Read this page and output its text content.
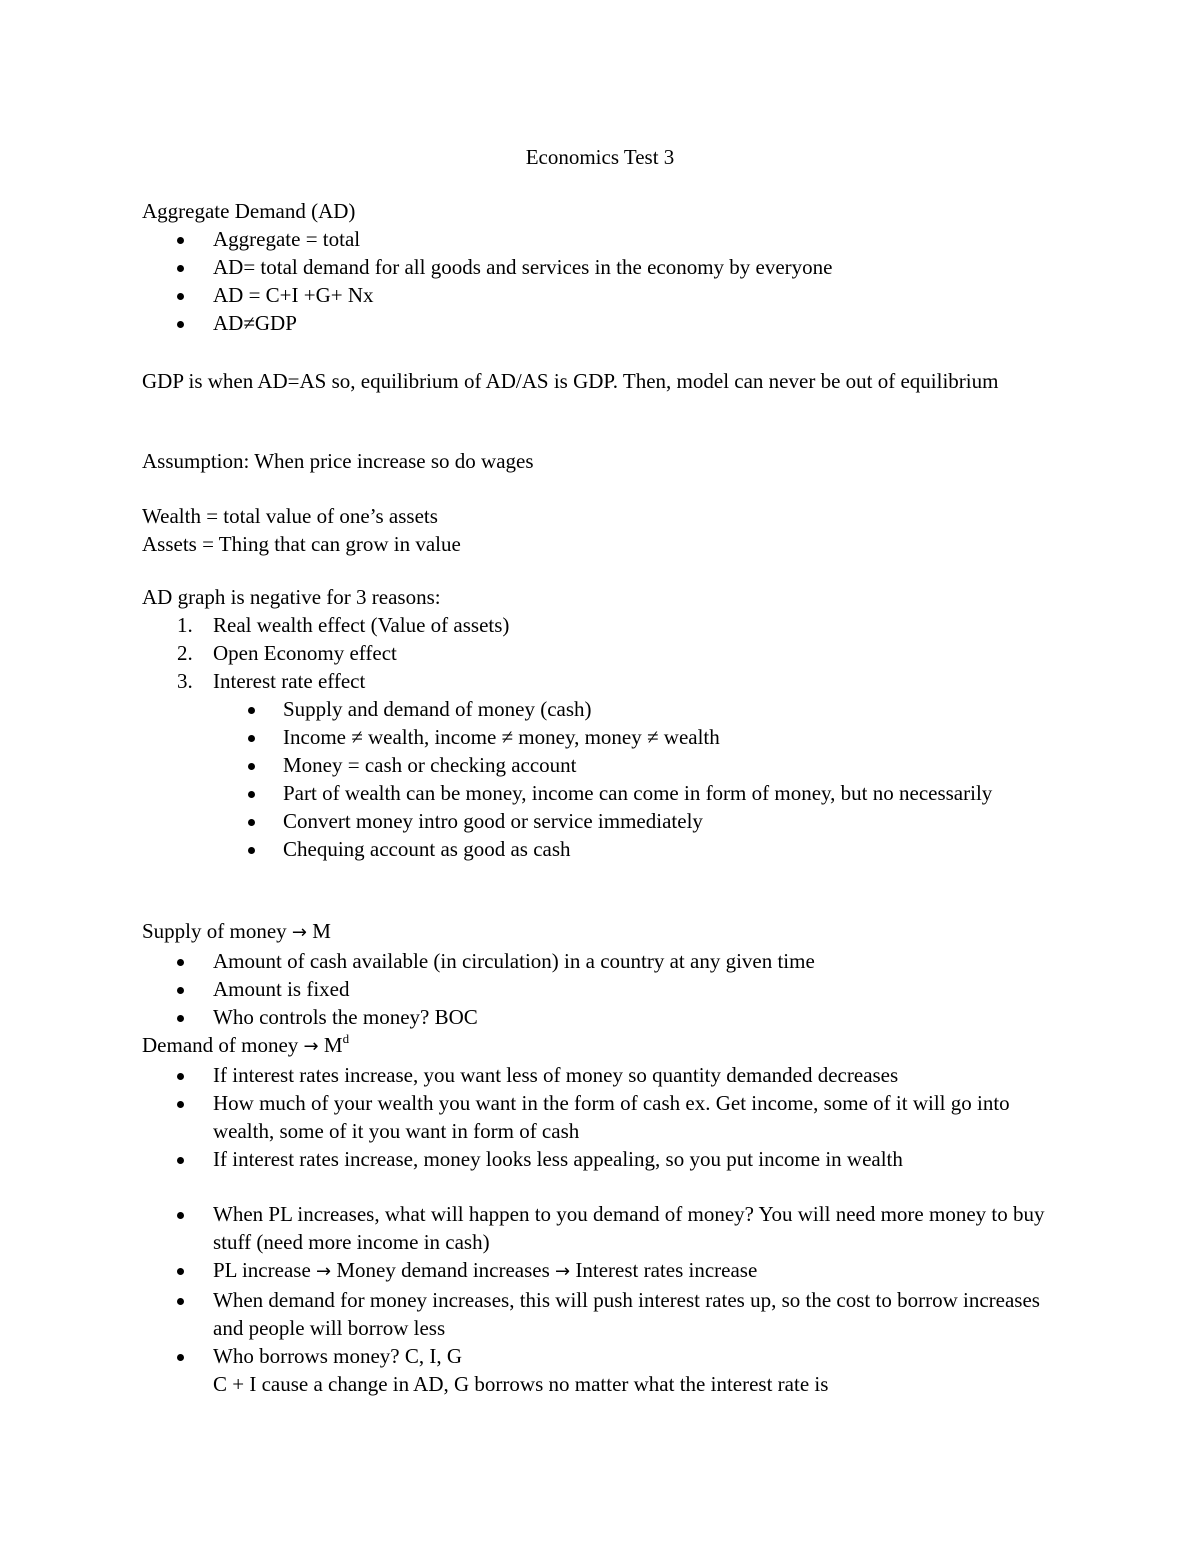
Economics Test 3

Aggregate Demand (AD)

Aggregate = total
AD= total demand for all goods and services in the economy by everyone
AD = C+I +G+ Nx
AD≠GDP
GDP is when AD=AS so, equilibrium of AD/AS is GDP. Then, model can never be out of equilibrium
Assumption: When price increase so do wages
Wealth = total value of one’s assets
Assets = Thing that can grow in value

AD graph is negative for 3 reasons:

1. Real wealth effect (Value of assets)
2. Open Economy effect
3. Interest rate effect
Supply and demand of money (cash)
Income ≠ wealth, income ≠ money, money ≠ wealth
Money = cash or checking account
Part of wealth can be money, income can come in form of money, but no necessarily
Convert money intro good or service immediately
Chequing account as good as cash

Supply of money → M

Amount of cash available (in circulation) in a country at any given time
Amount is fixed
Who controls the money? BOC

Demand of money → $M^d$

If interest rates increase, you want less of money so quantity demanded decreases
How much of your wealth you want in the form of cash ex. Get income, some of it will go into wealth, some of it you want in form of cash
If interest rates increase, money looks less appealing, so you put income in wealth
When PL increases, what will happen to you demand of money? You will need more money to buy stuff (need more income in cash)
PL increase → Money demand increases → Interest rates increase
When demand for money increases, this will push interest rates up, so the cost to borrow increases and people will borrow less
Who borrows money? C, I, G
C + I cause a change in AD, G borrows no matter what the interest rate is
